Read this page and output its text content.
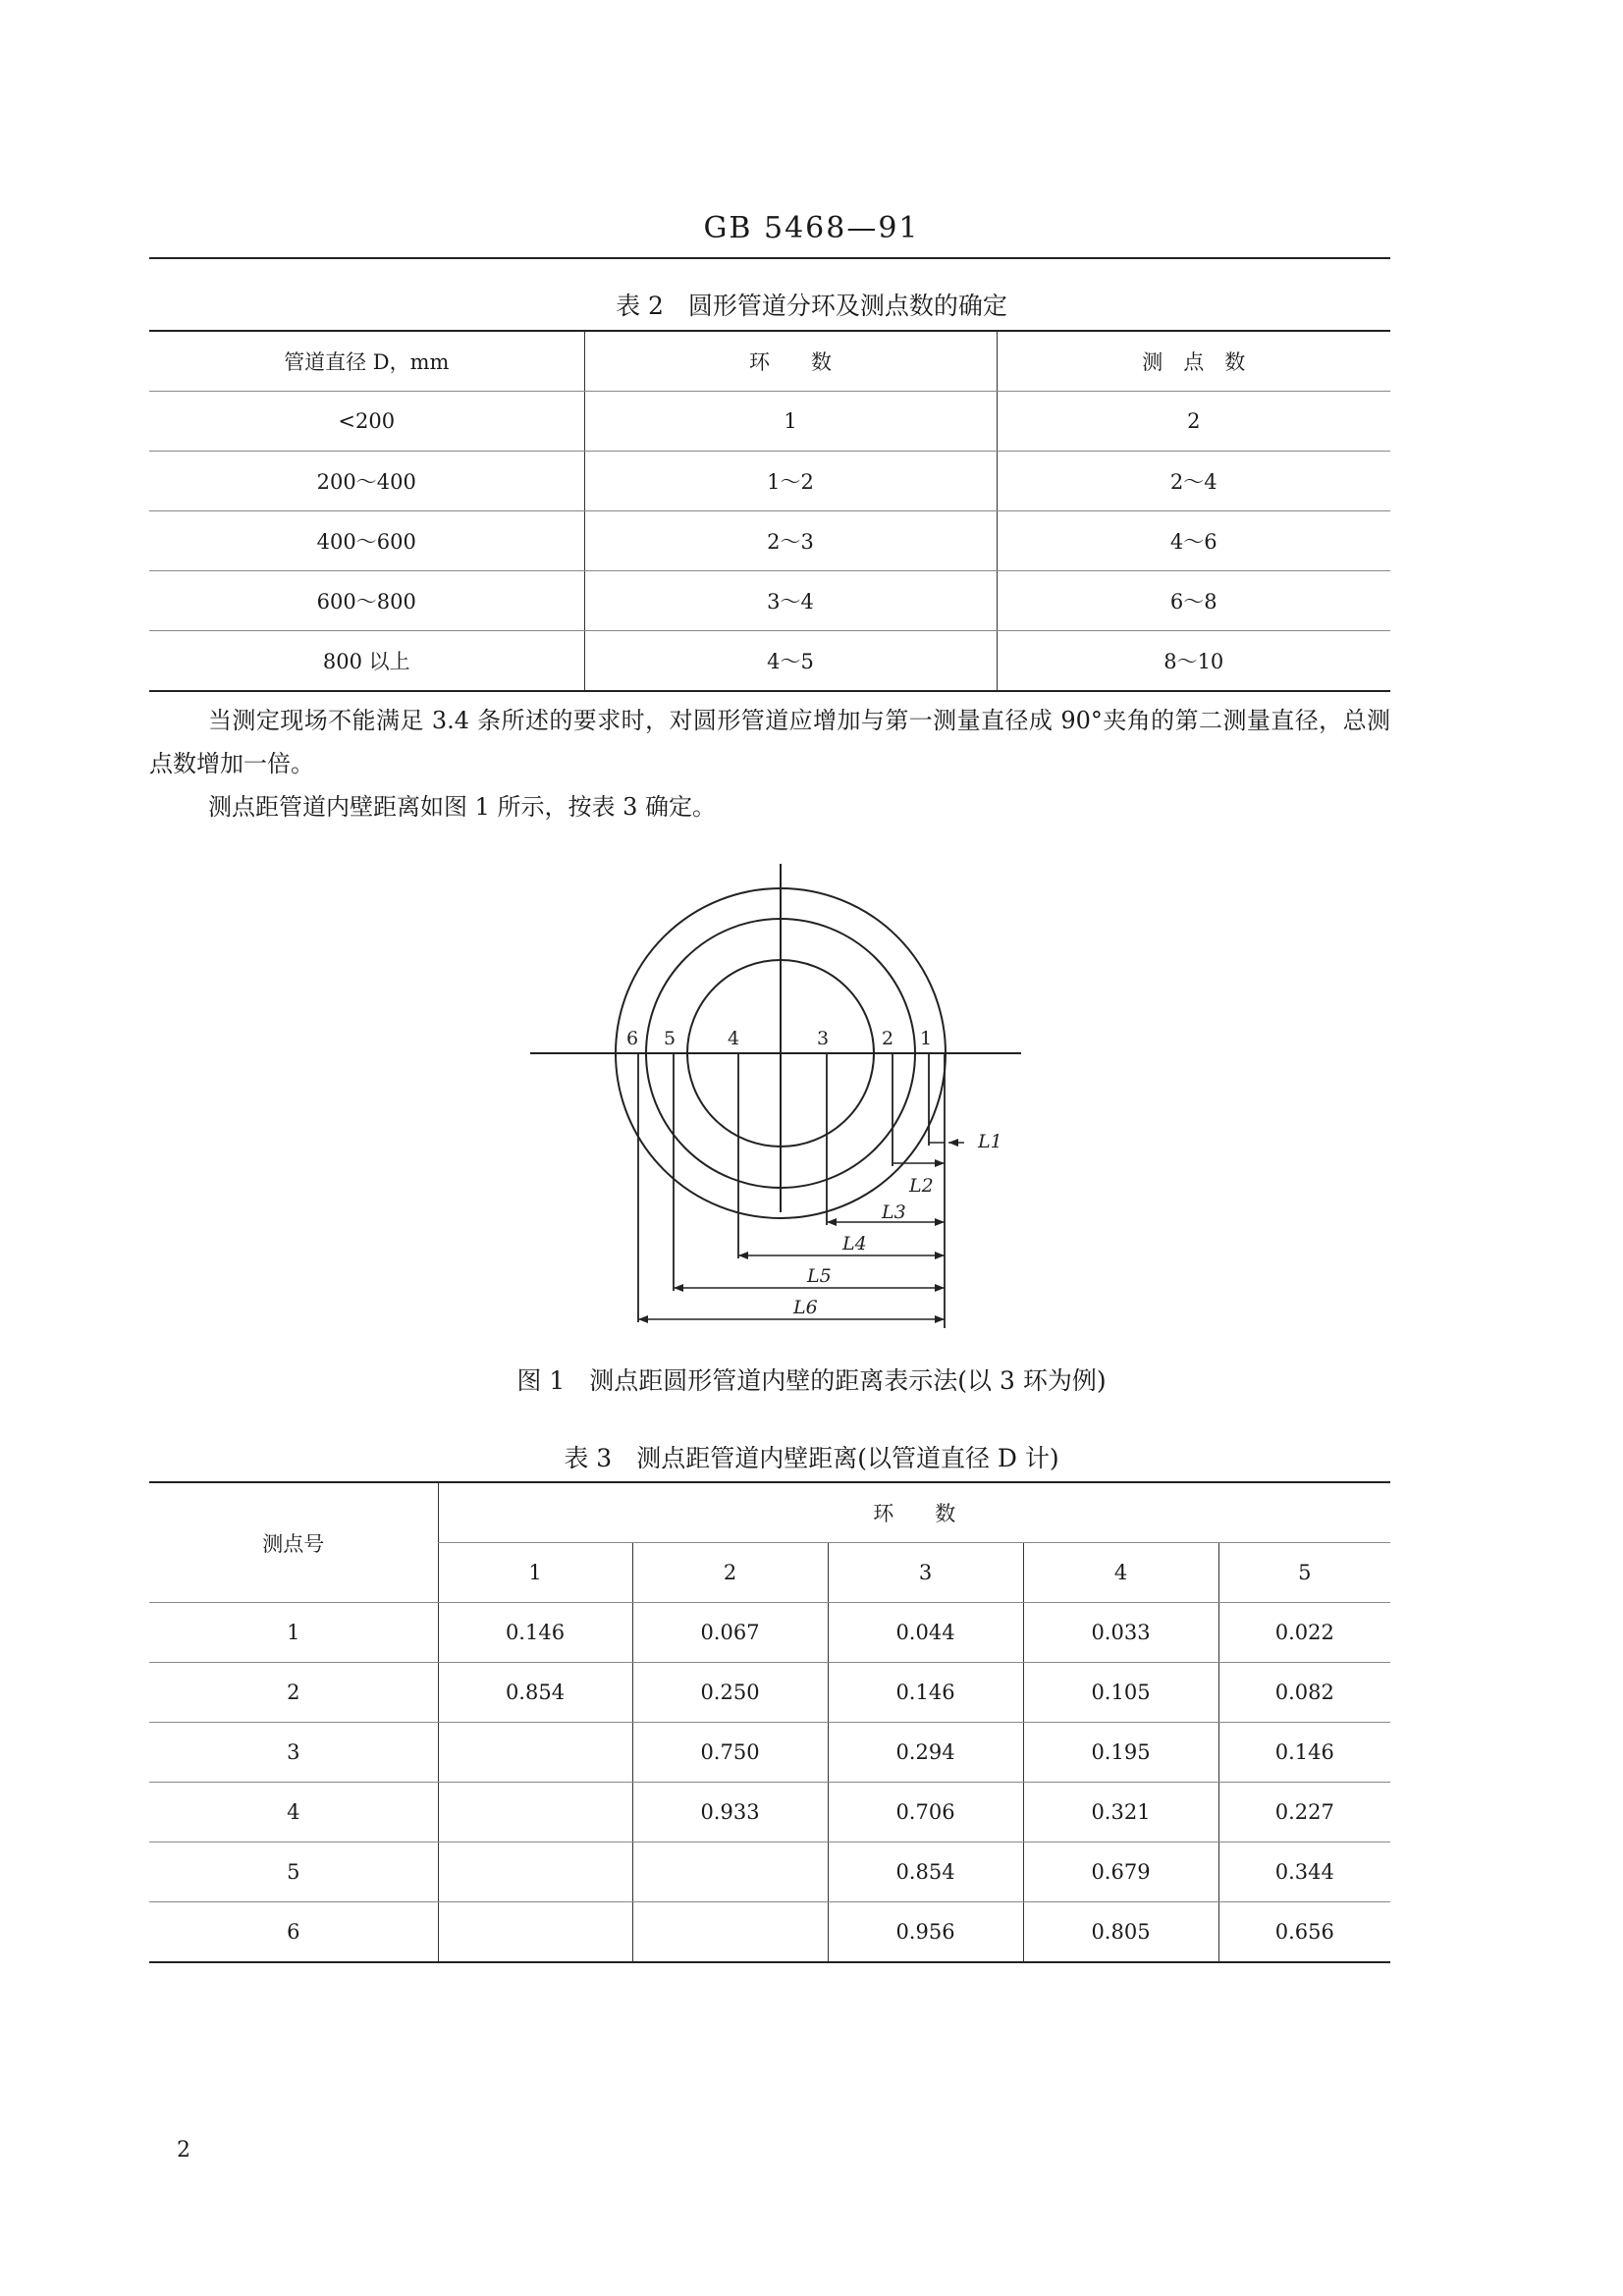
GB 5468—91
表 2　圆形管道分环及测点数的确定
管道直径 D，mm	环　　数	测　点　数
<200	1	2
200～400	1～2	2～4
400～600	2～3	4～6
600～800	3～4	6～8
800 以上	4～5	8～10
当测定现场不能满足 3.4 条所述的要求时，对圆形管道应增加与第一测量直径成 90°夹角的第二测量直径，总测点数增加一倍。
测点距管道内壁距离如图 1 所示，按表 3 确定。
6 5	4	3	2 1
L1
L2
L3
L4
L5
L6
图 1　测点距圆形管道内壁的距离表示法(以 3 环为例)
表 3　测点距管道内壁距离(以管道直径 D 计)
测点号	环　　数				
	1	2	3	4	5
1	0.146	0.067	0.044	0.033	0.022
2	0.854	0.250	0.146	0.105	0.082
3		0.750	0.294	0.195	0.146
4		0.933	0.706	0.321	0.227
5			0.854	0.679	0.344
6			0.956	0.805	0.656
2
